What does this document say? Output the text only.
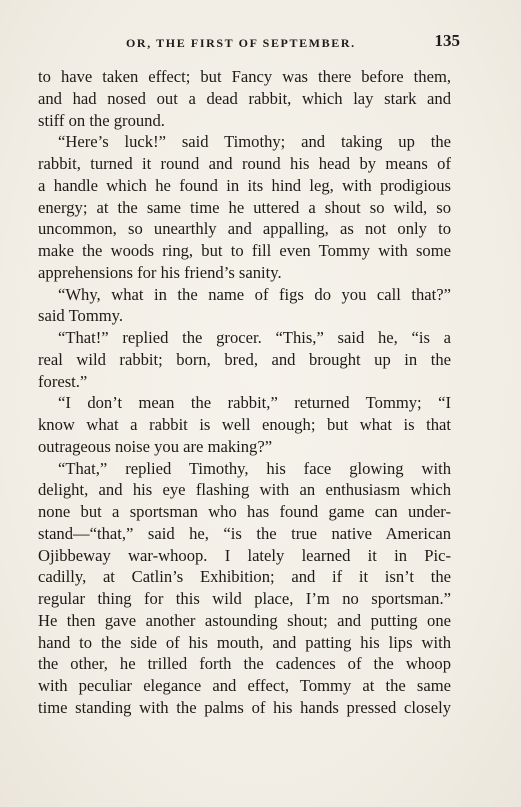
OR, THE FIRST OF SEPTEMBER.	135
to have taken effect; but Fancy was there before them,
and had nosed out a dead rabbit, which lay stark and
stiff on the ground.
“Here’s luck!” said Timothy; and taking up the
rabbit, turned it round and round his head by means of
a handle which he found in its hind leg, with prodigious
energy; at the same time he uttered a shout so wild, so
uncommon, so unearthly and appalling, as not only to
make the woods ring, but to fill even Tommy with some
apprehensions for his friend’s sanity.
“Why, what in the name of figs do you call that?”
said Tommy.
“That!” replied the grocer. “This,” said he, “is a
real wild rabbit; born, bred, and brought up in the
forest.”
“I don’t mean the rabbit,” returned Tommy; “I
know what a rabbit is well enough; but what is that
outrageous noise you are making?”
“That,” replied Timothy, his face glowing with
delight, and his eye flashing with an enthusiasm which
none but a sportsman who has found game can under-
stand—“that,” said he, “is the true native American
Ojibbeway war-whoop. I lately learned it in Pic-
cadilly, at Catlin’s Exhibition; and if it isn’t the
regular thing for this wild place, I’m no sportsman.”
He then gave another astounding shout; and putting one
hand to the side of his mouth, and patting his lips with
the other, he trilled forth the cadences of the whoop
with peculiar elegance and effect, Tommy at the same
time standing with the palms of his hands pressed closely
